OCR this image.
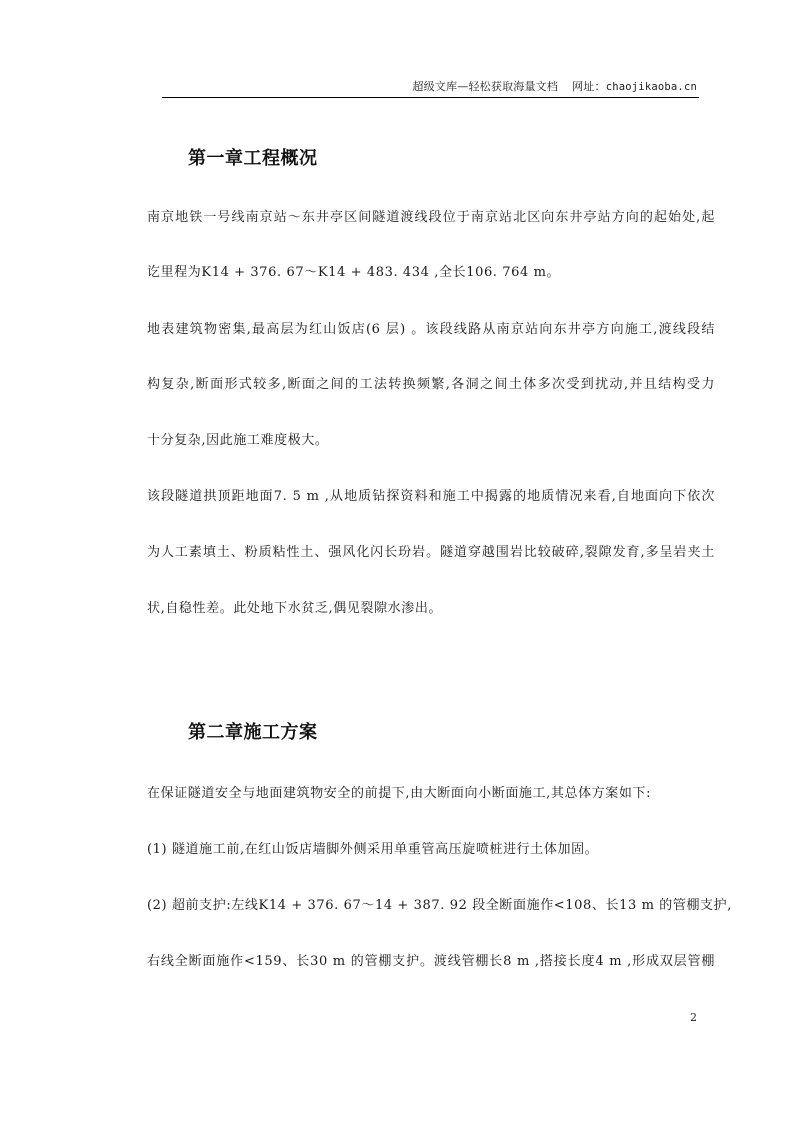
超级文库—轻松获取海量文档 网址：chaojikaoba.cn
第一章工程概况
南京地铁一号线南京站～东井亭区间隧道渡线段位于南京站北区向东井亭站方向的起始处,起
讫里程为K14 + 376. 67～K14 + 483. 434 ,全长106. 764 m。
地表建筑物密集,最高层为红山饭店(6 层) 。该段线路从南京站向东井亭方向施工,渡线段结
构复杂,断面形式较多,断面之间的工法转换频繁,各洞之间土体多次受到扰动,并且结构受力
十分复杂,因此施工难度极大。
该段隧道拱顶距地面7. 5 m ,从地质钻探资料和施工中揭露的地质情况来看,自地面向下依次
为人工素填土、粉质粘性土、强风化闪长玢岩。隧道穿越围岩比较破碎,裂隙发育,多呈岩夹土
状,自稳性差。此处地下水贫乏,偶见裂隙水渗出。
第二章施工方案
在保证隧道安全与地面建筑物安全的前提下,由大断面向小断面施工,其总体方案如下:
(1) 隧道施工前,在红山饭店墙脚外侧采用单重管高压旋喷桩进行土体加固。
(2) 超前支护:左线K14 + 376. 67～14 + 387. 92 段全断面施作<108、长13 m 的管棚支护,
右线全断面施作<159、长30 m 的管棚支护。渡线管棚长8 m ,搭接长度4 m ,形成双层管棚
2
